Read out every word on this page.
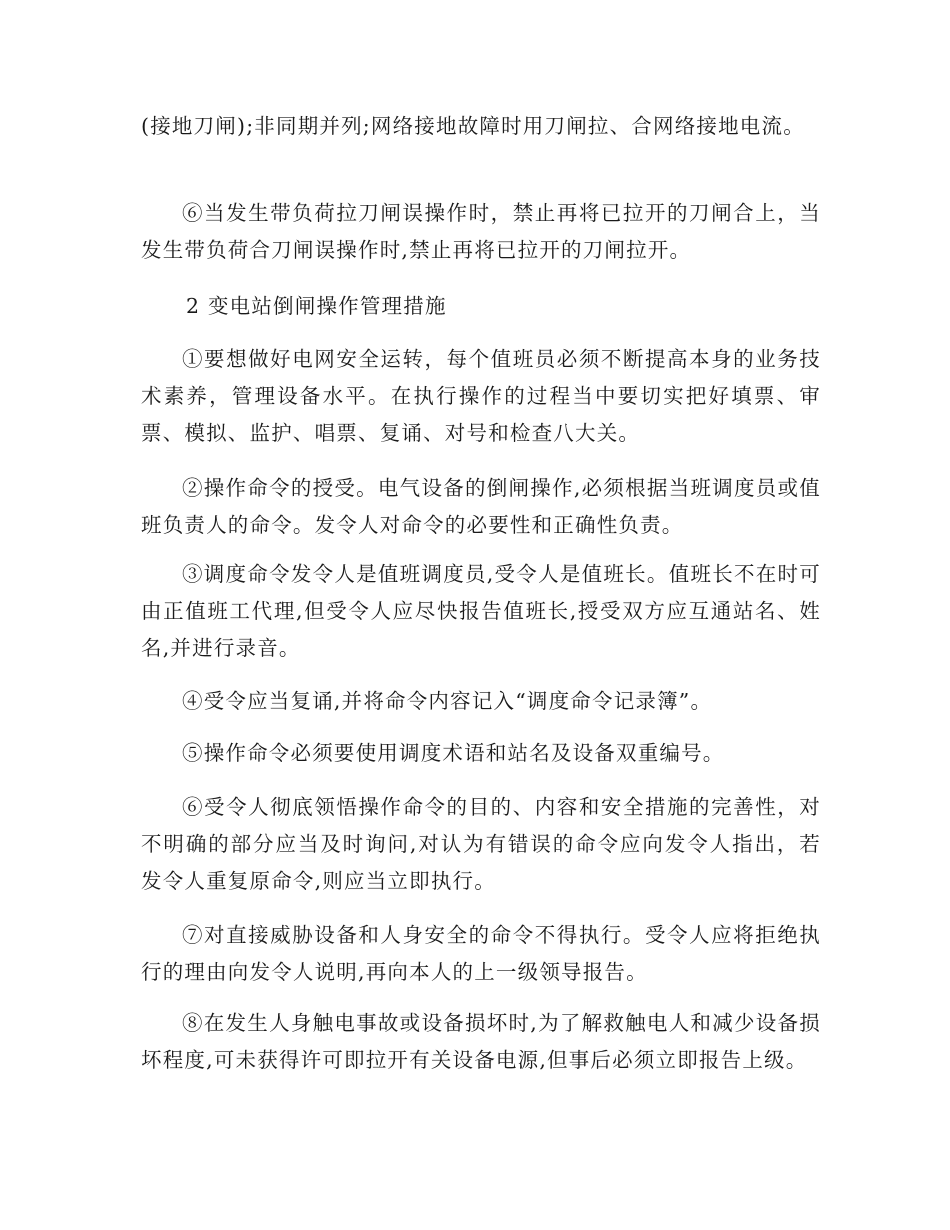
(接地刀闸);非同期并列;网络接地故障时用刀闸拉、合网络接地电流。

⑥当发生带负荷拉刀闸误操作时，禁止再将已拉开的刀闸合上，当发生带负荷合刀闸误操作时,禁止再将已拉开的刀闸拉开。

2 变电站倒闸操作管理措施

①要想做好电网安全运转，每个值班员必须不断提高本身的业务技术素养，管理设备水平。在执行操作的过程当中要切实把好填票、审票、模拟、监护、唱票、复诵、对号和检查八大关。

②操作命令的授受。电气设备的倒闸操作,必须根据当班调度员或值班负责人的命令。发令人对命令的必要性和正确性负责。

③调度命令发令人是值班调度员,受令人是值班长。值班长不在时可由正值班工代理,但受令人应尽快报告值班长,授受双方应互通站名、姓名,并进行录音。

④受令应当复诵,并将命令内容记入“调度命令记录簿”。

⑤操作命令必须要使用调度术语和站名及设备双重编号。

⑥受令人彻底领悟操作命令的目的、内容和安全措施的完善性，对不明确的部分应当及时询问,对认为有错误的命令应向发令人指出，若发令人重复原命令,则应当立即执行。

⑦对直接威胁设备和人身安全的命令不得执行。受令人应将拒绝执行的理由向发令人说明,再向本人的上一级领导报告。

⑧在发生人身触电事故或设备损坏时,为了解救触电人和减少设备损坏程度,可未获得许可即拉开有关设备电源,但事后必须立即报告上级。
